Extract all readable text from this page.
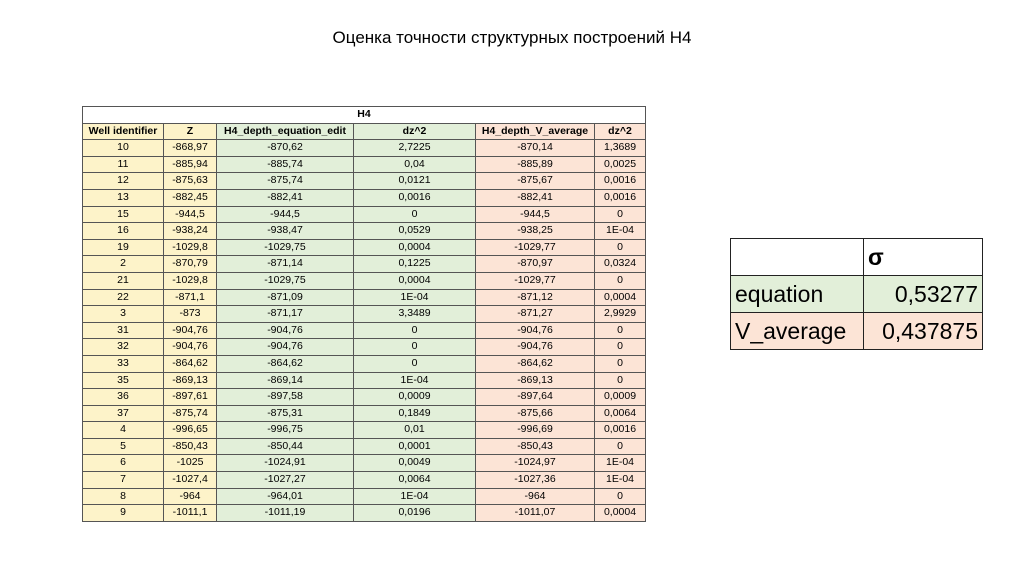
Оценка точности структурных построений H4
H4					
Well identifier	Z	H4_depth_equation_edit	dz^2	H4_depth_V_average	dz^2
10	-868,97	-870,62	2,7225	-870,14	1,3689
11	-885,94	-885,74	0,04	-885,89	0,0025
12	-875,63	-875,74	0,0121	-875,67	0,0016
13	-882,45	-882,41	0,0016	-882,41	0,0016
15	-944,5	-944,5	0	-944,5	0
16	-938,24	-938,47	0,0529	-938,25	1E-04
19	-1029,8	-1029,75	0,0004	-1029,77	0
2	-870,79	-871,14	0,1225	-870,97	0,0324
21	-1029,8	-1029,75	0,0004	-1029,77	0
22	-871,1	-871,09	1E-04	-871,12	0,0004
3	-873	-871,17	3,3489	-871,27	2,9929
31	-904,76	-904,76	0	-904,76	0
32	-904,76	-904,76	0	-904,76	0
33	-864,62	-864,62	0	-864,62	0
35	-869,13	-869,14	1E-04	-869,13	0
36	-897,61	-897,58	0,0009	-897,64	0,0009
37	-875,74	-875,31	0,1849	-875,66	0,0064
4	-996,65	-996,75	0,01	-996,69	0,0016
5	-850,43	-850,44	0,0001	-850,43	0
6	-1025	-1024,91	0,0049	-1024,97	1E-04
7	-1027,4	-1027,27	0,0064	-1027,36	1E-04
8	-964	-964,01	1E-04	-964	0
9	-1011,1	-1011,19	0,0196	-1011,07	0,0004
	σ
equation	0,53277
V_average	0,437875
